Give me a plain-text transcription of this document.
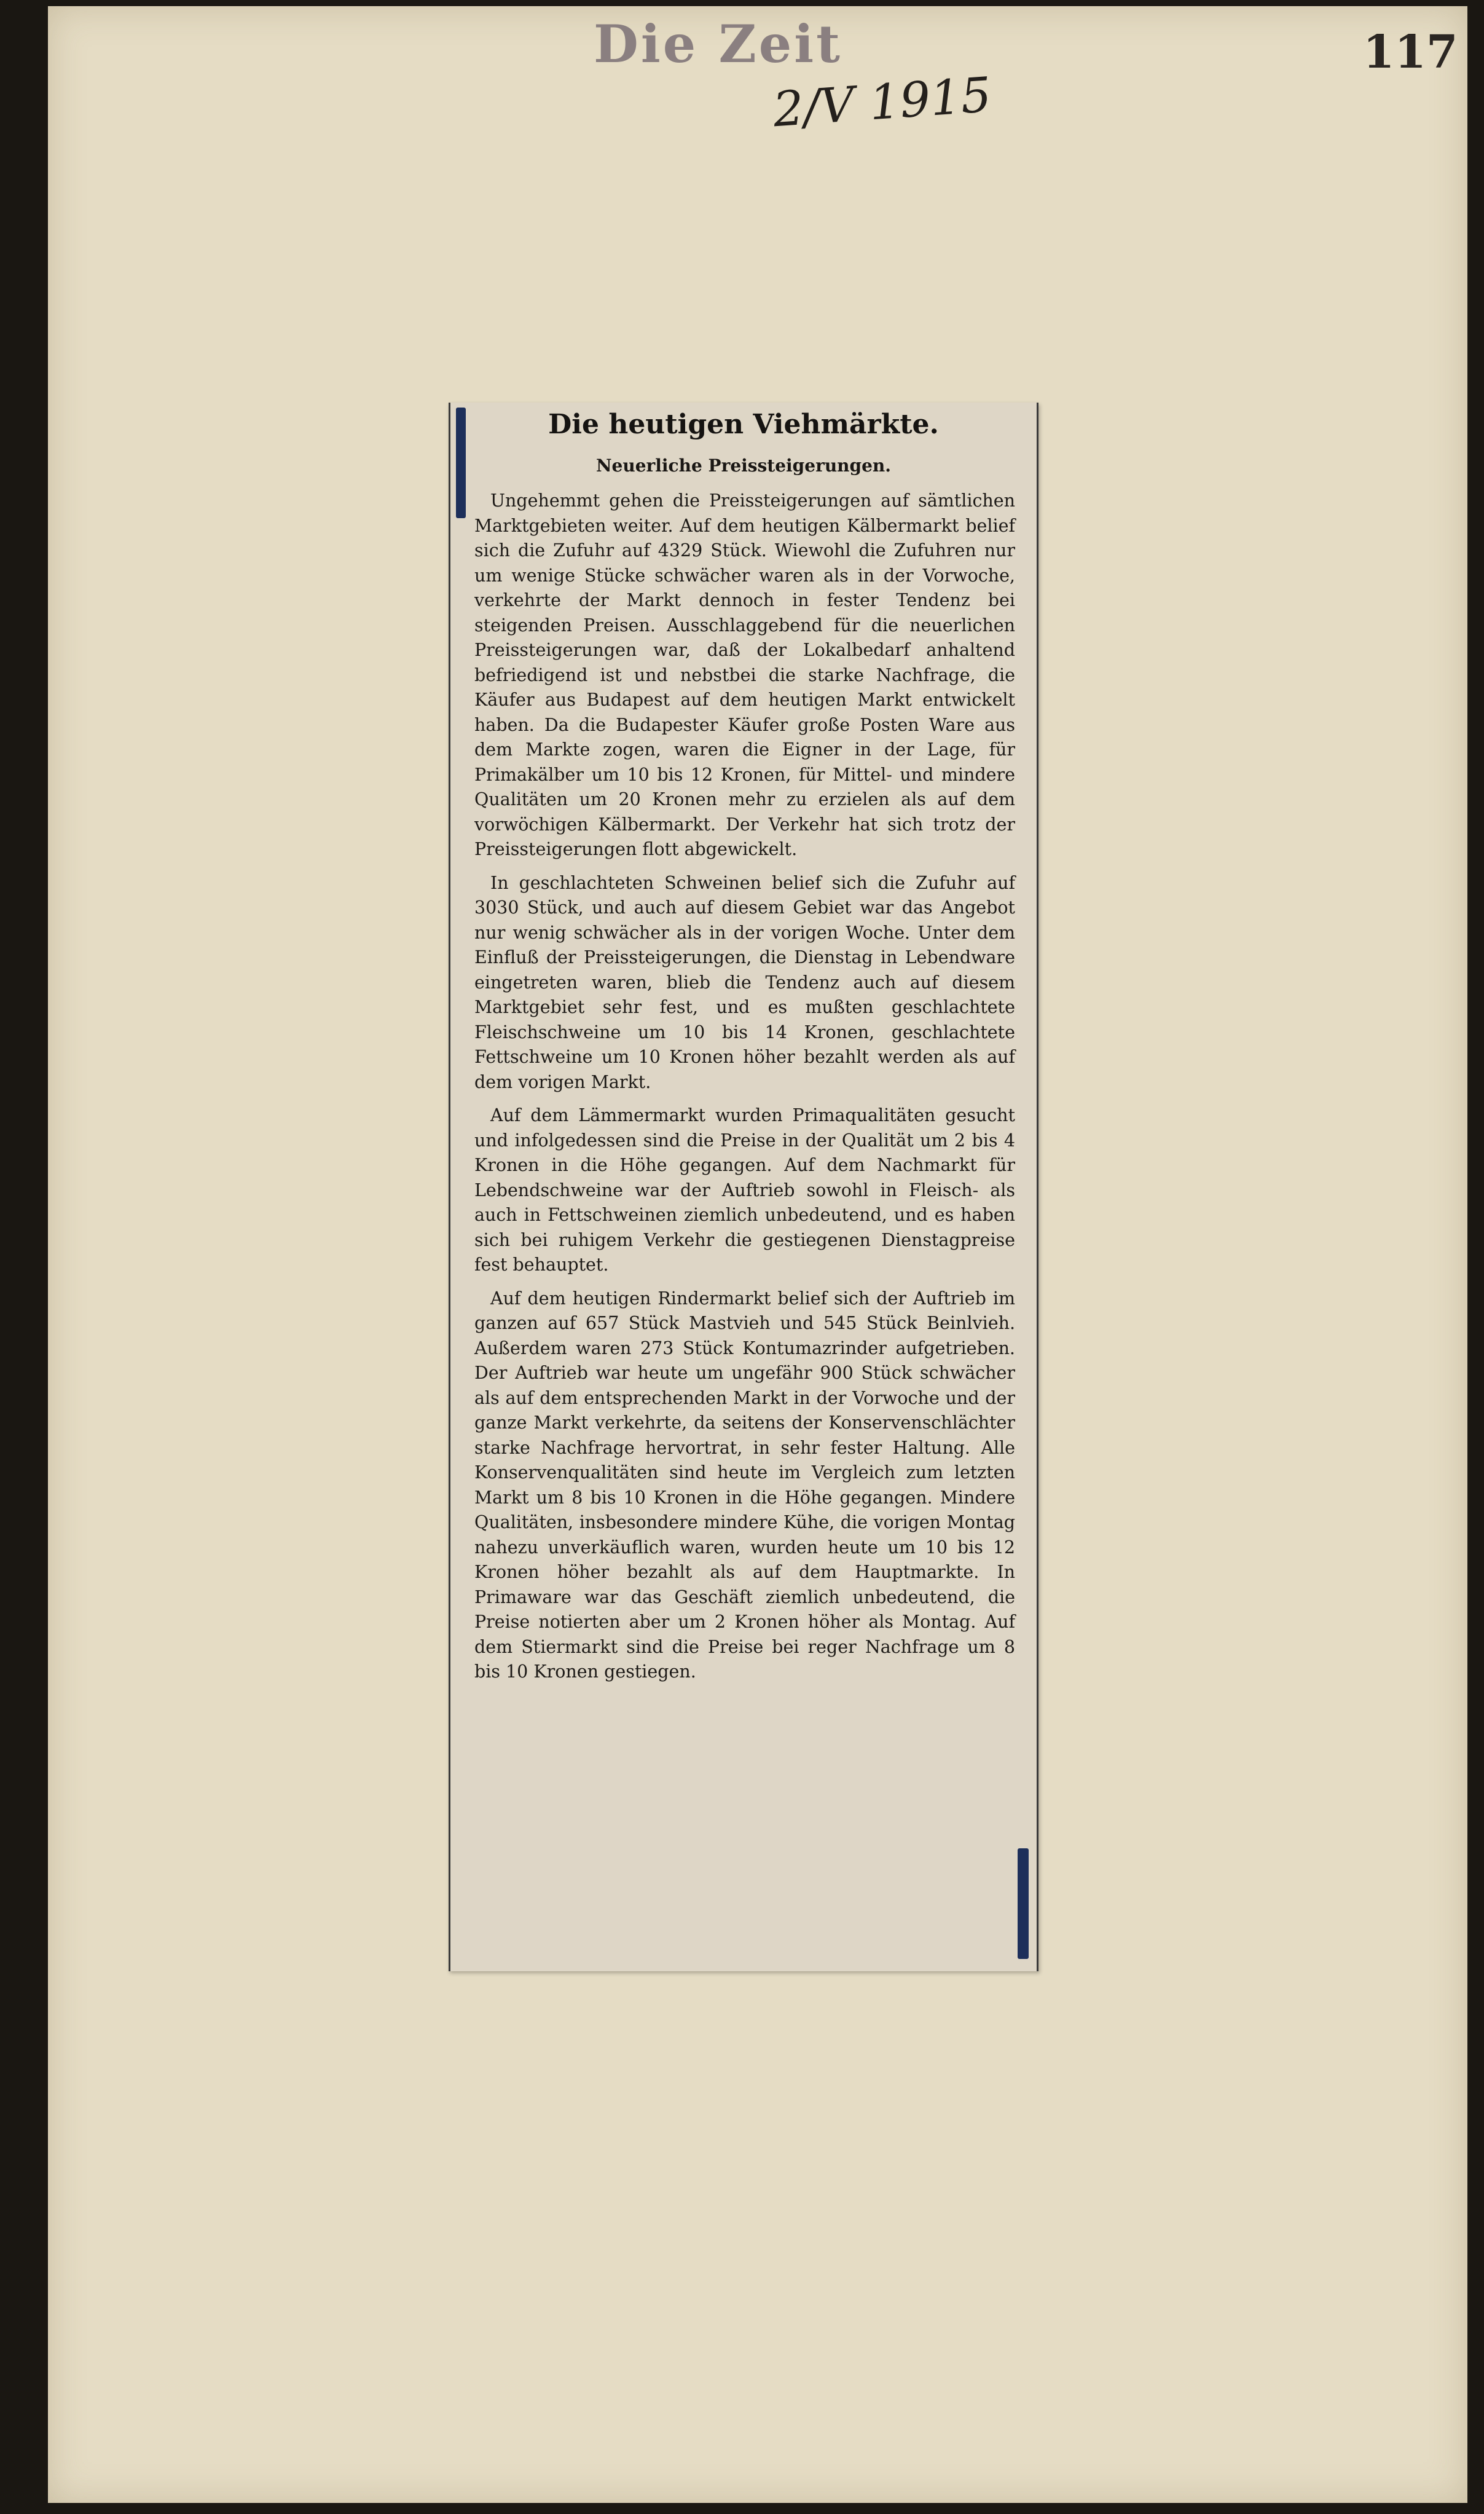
Die Zeit	117
2/V 1915
Die heutigen Viehmärkte.
Neuerliche Preissteigerungen.

Ungehemmt gehen die Preissteigerungen auf sämtlichen Marktgebieten weiter. Auf dem heutigen Kälbermarkt belief sich die Zufuhr auf 4329 Stück. Wiewohl die Zufuhren nur um wenige Stücke schwächer waren als in der Vorwoche, verkehrte der Markt dennoch in fester Tendenz bei steigenden Preisen. Ausschlaggebend für die neuerlichen Preissteigerungen war, daß der Lokalbedarf anhaltend befriedigend ist und nebstbei die starke Nachfrage, die Käufer aus Budapest auf dem heutigen Markt entwickelt haben. Da die Budapester Käufer große Posten Ware aus dem Markte zogen, waren die Eigner in der Lage, für Primakälber um 10 bis 12 Kronen, für Mittel- und mindere Qualitäten um 20 Kronen mehr zu erzielen als auf dem vorwöchigen Kälbermarkt. Der Verkehr hat sich trotz der Preissteigerungen flott abgewickelt.

In geschlachteten Schweinen belief sich die Zufuhr auf 3030 Stück, und auch auf diesem Gebiet war das Angebot nur wenig schwächer als in der vorigen Woche. Unter dem Einfluß der Preissteigerungen, die Dienstag in Lebendware eingetreten waren, blieb die Tendenz auch auf diesem Marktgebiet sehr fest, und es mußten geschlachtete Fleischschweine um 10 bis 14 Kronen, geschlachtete Fettschweine um 10 Kronen höher bezahlt werden als auf dem vorigen Markt.

Auf dem Lämmermarkt wurden Primaqualitäten gesucht und infolgedessen sind die Preise in der Qualität um 2 bis 4 Kronen in die Höhe gegangen. Auf dem Nachmarkt für Lebendschweine war der Auftrieb sowohl in Fleisch- als auch in Fettschweinen ziemlich unbedeutend, und es haben sich bei ruhigem Verkehr die gestiegenen Dienstagpreise fest behauptet.

Auf dem heutigen Rindermarkt belief sich der Auftrieb im ganzen auf 657 Stück Mastvieh und 545 Stück Beinlvieh. Außerdem waren 273 Stück Kontumazrinder aufgetrieben. Der Auftrieb war heute um ungefähr 900 Stück schwächer als auf dem entsprechenden Markt in der Vorwoche und der ganze Markt verkehrte, da seitens der Konservenschlächter starke Nachfrage hervortrat, in sehr fester Haltung. Alle Konservenqualitäten sind heute im Vergleich zum letzten Markt um 8 bis 10 Kronen in die Höhe gegangen. Mindere Qualitäten, insbesondere mindere Kühe, die vorigen Montag nahezu unverkäuflich waren, wurden heute um 10 bis 12 Kronen höher bezahlt als auf dem Hauptmarkte. In Primaware war das Geschäft ziemlich unbedeutend, die Preise notierten aber um 2 Kronen höher als Montag. Auf dem Stiermarkt sind die Preise bei reger Nachfrage um 8 bis 10 Kronen gestiegen.
